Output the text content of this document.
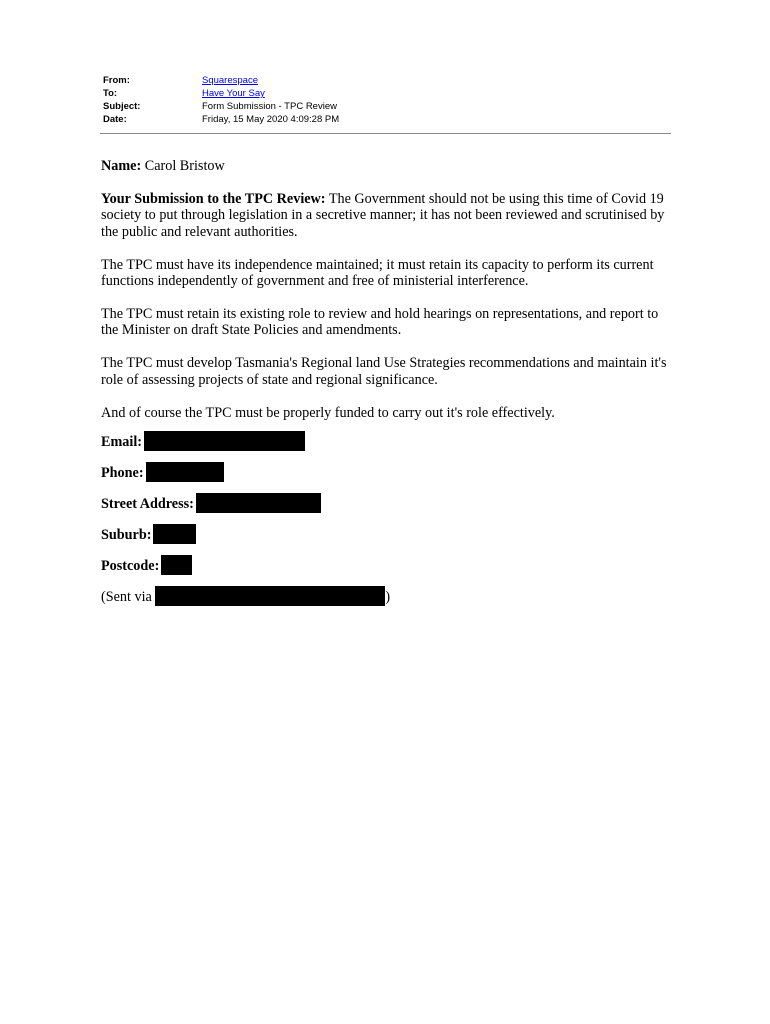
From:	Squarespace
To:	Have Your Say
Subject:	Form Submission - TPC Review
Date:	Friday, 15 May 2020 4:09:28 PM

Name: Carol Bristow

Your Submission to the TPC Review: The Government should not be using this time of Covid 19 society to put through legislation in a secretive manner; it has not been reviewed and scrutinised by the public and relevant authorities.

The TPC must have its independence maintained; it must retain its capacity to perform its current functions independently of government and free of ministerial interference.

The TPC must retain its existing role to review and hold hearings on representations, and report to the Minister on draft State Policies and amendments.

The TPC must develop Tasmania's Regional land Use Strategies recommendations and maintain it's role of assessing projects of state and regional significance.

And of course the TPC must be properly funded to carry out it's role effectively.

Email:
Phone:
Street Address:
Suburb:
Postcode:
(Sent via	)
